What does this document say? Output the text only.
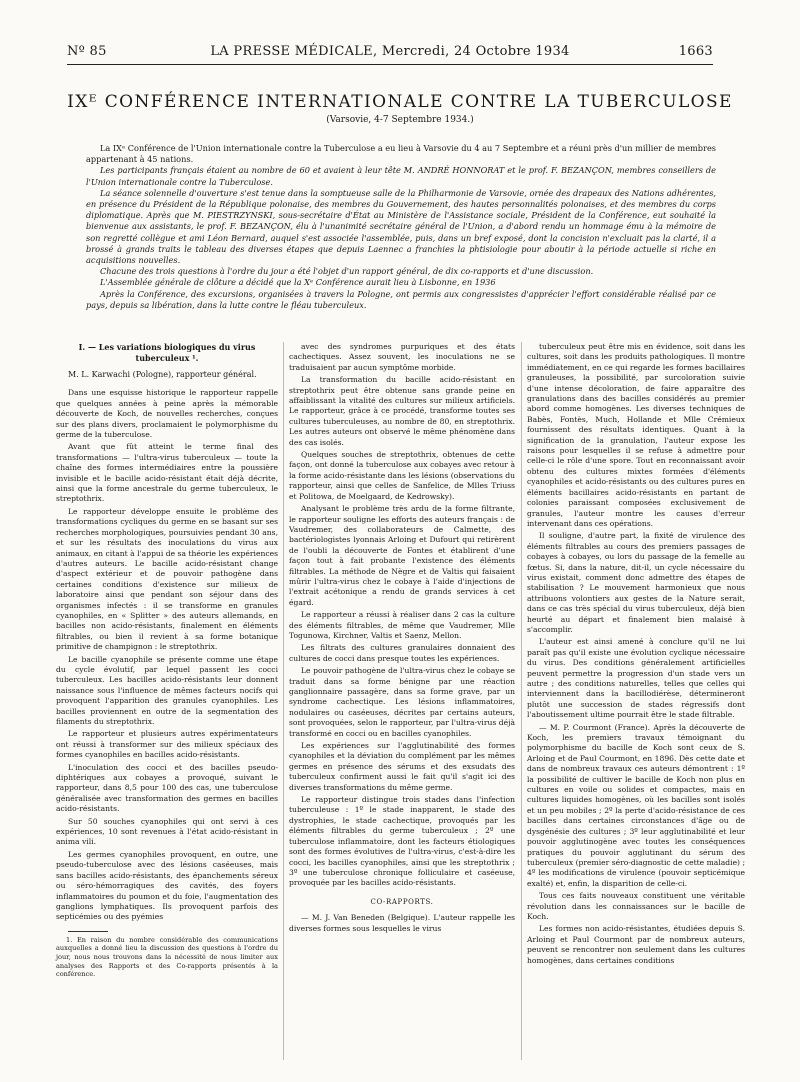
Nº 85	LA PRESSE MÉDICALE, Mercredi, 24 Octobre 1934	1663
IXᴱ CONFÉRENCE INTERNATIONALE CONTRE LA TUBERCULOSE
(Varsovie, 4-7 Septembre 1934.)

La IXᵉ Conférence de l'Union internationale contre la Tuberculose a eu lieu à Varsovie du 4 au 7 Septembre et a réuni près d'un millier de membres appartenant à 45 nations.

Les participants français étaient au nombre de 60 et avaient à leur tête M. ANDRÉ HONNORAT et le prof. F. BEZANÇON, membres conseillers de l'Union internationale contre la Tuberculose.

La séance solennelle d'ouverture s'est tenue dans la somptueuse salle de la Philharmonie de Varsovie, ornée des drapeaux des Nations adhérentes, en présence du Président de la République polonaise, des membres du Gouvernement, des hautes personnalités polonaises, et des membres du corps diplomatique. Après que M. PIESTRZYNSKI, sous-secrétaire d'État au Ministère de l'Assistance sociale, Président de la Conférence, eut souhaité la bienvenue aux assistants, le prof. F. BEZANÇON, élu à l'unanimité secrétaire général de l'Union, a d'abord rendu un hommage ému à la mémoire de son regretté collègue et ami Léon Bernard, auquel s'est associée l'assemblée, puis, dans un bref exposé, dont la concision n'excluait pas la clarté, il a brossé à grands traits le tableau des diverses étapes que depuis Laennec a franchies la phtisiologie pour aboutir à la période actuelle si riche en acquisitions nouvelles.

Chacune des trois questions à l'ordre du jour a été l'objet d'un rapport général, de dix co-rapports et d'une discussion.

L'Assemblée générale de clôture a décidé que la Xᵉ Conférence aurait lieu à Lisbonne, en 1936

Après la Conférence, des excursions, organisées à travers la Pologne, ont permis aux congressistes d'apprécier l'effort considérable réalisé par ce pays, depuis sa libération, dans la lutte contre le fléau tuberculeux.

I. — Les variations biologiques du virus tuberculeux ¹.
M. L. Karwachi (Pologne), rapporteur général.

Dans une esquisse historique le rapporteur rappelle que quelques années à peine après la mémorable découverte de Koch, de nouvelles recherches, conçues sur des plans divers, proclamaient le polymorphisme du germe de la tuberculose.

Avant que fût atteint le terme final des transformations — l'ultra-virus tuberculeux — toute la chaîne des formes intermédiaires entre la poussière invisible et le bacille acido-résistant était déjà décrite, ainsi que la forme ancestrale du germe tuberculeux, le streptothrix.

Le rapporteur développe ensuite le problème des transformations cycliques du germe en se basant sur ses recherches morphologiques, poursuivies pendant 30 ans, et sur les résultats des inoculations du virus aux animaux, en citant à l'appui de sa théorie les expériences d'autres auteurs. Le bacille acido-résistant change d'aspect extérieur et de pouvoir pathogène dans certaines conditions d'existence sur milieux de laboratoire ainsi que pendant son séjour dans des organismes infectés : il se transforme en granules cyanophiles, en « Splitter » des auteurs allemands, en bacilles non acido-résistants, finalement en éléments filtrables, ou bien il revient à sa forme botanique primitive de champignon : le streptothrix.

Le bacille cyanophile se présente comme une étape du cycle évolutif, par lequel passent les cocci tuberculeux. Les bacilles acido-résistants leur donnent naissance sous l'influence de mêmes facteurs nocifs qui provoquent l'apparition des granules cyanophiles. Les bacilles proviennent en outre de la segmentation des filaments du streptothrix.

Le rapporteur et plusieurs autres expérimentateurs ont réussi à transformer sur des milieux spéciaux des formes cyanophiles en bacilles acido-résistants.

L'inoculation des cocci et des bacilles pseudo-diphtériques aux cobayes a provoqué, suivant le rapporteur, dans 8,5 pour 100 des cas, une tuberculose généralisée avec transformation des germes en bacilles acido-résistants.

Sur 50 souches cyanophiles qui ont servi à ces expériences, 10 sont revenues à l'état acido-résistant in anima vili.

Les germes cyanophiles provoquent, en outre, une pseudo-tuberculose avec des lésions caséeuses, mais sans bacilles acido-résistants, des épanchements séreux ou séro-hémorragiques des cavités, des foyers inflammatoires du poumon et du foie, l'augmentation des ganglions lymphatiques. Ils provoquent parfois des septicémies ou des pyémies

1. En raison du nombre considérable des communications auxquelles a donné lieu la discussion des questions à l'ordre du jour, nous nous trouvons dans la nécessité de nous limiter aux analyses des Rapports et des Co-rapports présentés à la conférence.

avec des syndromes purpuriques et des états cachectiques. Assez souvent, les inoculations ne se traduisaient par aucun symptôme morbide.

La transformation du bacille acido-résistant en streptothrix peut être obtenue sans grande peine en affaiblissant la vitalité des cultures sur milieux artificiels. Le rapporteur, grâce à ce procédé, transforme toutes ses cultures tuberculeuses, au nombre de 80, en streptothrix. Les autres auteurs ont observé le même phénomène dans des cas isolés.

Quelques souches de streptothrix, obtenues de cette façon, ont donné la tuberculose aux cobayes avec retour à la forme acido-résistante dans les lésions (observations du rapporteur, ainsi que celles de Sanfelice, de Mlles Triuss et Politowa, de Moelgaard, de Kedrowsky).

Analysant le problème très ardu de la forme filtrante, le rapporteur souligne les efforts des auteurs français : de Vaudremer, des collaborateurs de Calmette, des bactériologistes lyonnais Arloing et Dufourt qui retirèrent de l'oubli la découverte de Fontes et établirent d'une façon tout à fait probante l'existence des éléments filtrables. La méthode de Nègre et de Valtis qui faisaient mûrir l'ultra-virus chez le cobaye à l'aide d'injections de l'extrait acétonique a rendu de grands services à cet égard.

Le rapporteur a réussi à réaliser dans 2 cas la culture des éléments filtrables, de même que Vaudremer, Mlle Togunowa, Kirchner, Valtis et Saenz, Mellon.

Les filtrats des cultures granulaires donnaient des cultures de cocci dans presque toutes les expériences.

Le pouvoir pathogène de l'ultra-virus chez le cobaye se traduit dans sa forme bénigne par une réaction ganglionnaire passagère, dans sa forme grave, par un syndrome cachectique. Les lésions inflammatoires, nodulaires ou caséeuses, décrites par certains auteurs, sont provoquées, selon le rapporteur, par l'ultra-virus déjà transformé en cocci ou en bacilles cyanophiles.

Les expériences sur l'agglutinabilité des formes cyanophiles et la déviation du complément par les mêmes germes en présence des sérums et des exsudats des tuberculeux confirment aussi le fait qu'il s'agit ici des diverses transformations du même germe.

Le rapporteur distingue trois stades dans l'infection tuberculeuse : 1º le stade inapparent, le stade des dystrophies, le stade cachectique, provoqués par les éléments filtrables du germe tuberculeux ; 2º une tuberculose inflammatoire, dont les facteurs étiologiques sont des formes évolutives de l'ultra-virus, c'est-à-dire les cocci, les bacilles cyanophiles, ainsi que les streptothrix ; 3º une tuberculose chronique folliculaire et caséeuse, provoquée par les bacilles acido-résistants.

CO-RAPPORTS.

— M. J. Van Beneden (Belgique). L'auteur rappelle les diverses formes sous lesquelles le virus

tuberculeux peut être mis en évidence, soit dans les cultures, soit dans les produits pathologiques. Il montre immédiatement, en ce qui regarde les formes bacillaires granuleuses, la possibilité, par surcoloration suivie d'une intense décoloration, de faire apparaître des granulations dans des bacilles considérés au premier abord comme homogènes. Les diverses techniques de Babès, Fontès, Much, Hollande et Mlle Crémieux fournissent des résultats identiques. Quant à la signification de la granulation, l'auteur expose les raisons pour lesquelles il se refuse à admettre pour celle-ci le rôle d'une spore. Tout en reconnaissant avoir obtenu des cultures mixtes formées d'éléments cyanophiles et acido-résistants ou des cultures pures en éléments bacillaires acido-résistants en partant de colonies paraissant composées exclusivement de granules, l'auteur montre les causes d'erreur intervenant dans ces opérations.

Il souligne, d'autre part, la fixité de virulence des éléments filtrables au cours des premiers passages de cobayes à cobayes, ou lors du passage de la femelle au fœtus. Si, dans la nature, dit-il, un cycle nécessaire du virus existait, comment donc admettre des étapes de stabilisation ? Le mouvement harmonieux que nous attribuons volontiers aux gestes de la Nature serait, dans ce cas très spécial du virus tuberculeux, déjà bien heurté au départ et finalement bien malaisé à s'accomplir.

L'auteur est ainsi amené à conclure qu'il ne lui paraît pas qu'il existe une évolution cyclique nécessaire du virus. Des conditions généralement artificielles peuvent permettre la progression d'un stade vers un autre ; des conditions naturelles, telles que celles qui interviennent dans la bacillodiérèse, détermineront plutôt une succession de stades régressifs dont l'aboutissement ultime pourrait être le stade filtrable.

— M. P. Courmont (France). Après la découverte de Koch, les premiers travaux témoignant du polymorphisme du bacille de Koch sont ceux de S. Arloing et de Paul Courmont, en 1896. Dès cette date et dans de nombreux travaux ces auteurs démontrent : 1º la possibilité de cultiver le bacille de Koch non plus en cultures en voile ou solides et compactes, mais en cultures liquides homogènes, où les bacilles sont isolés et un peu mobiles ; 2º la perte d'acido-résistance de ces bacilles dans certaines circonstances d'âge ou de dysgénésie des cultures ; 3º leur agglutinabilité et leur pouvoir agglutinogène avec toutes les conséquences pratiques du pouvoir agglutinant du sérum des tuberculeux (premier séro-diagnostic de cette maladie) ; 4º les modifications de virulence (pouvoir septicémique exalté) et, enfin, la disparition de celle-ci.

Tous ces faits nouveaux constituent une véritable révolution dans les connaissances sur le bacille de Koch.

Les formes non acido-résistantes, étudiées depuis S. Arloing et Paul Courmont par de nombreux auteurs, peuvent se rencontrer non seulement dans les cultures homogènes, dans certaines conditions
